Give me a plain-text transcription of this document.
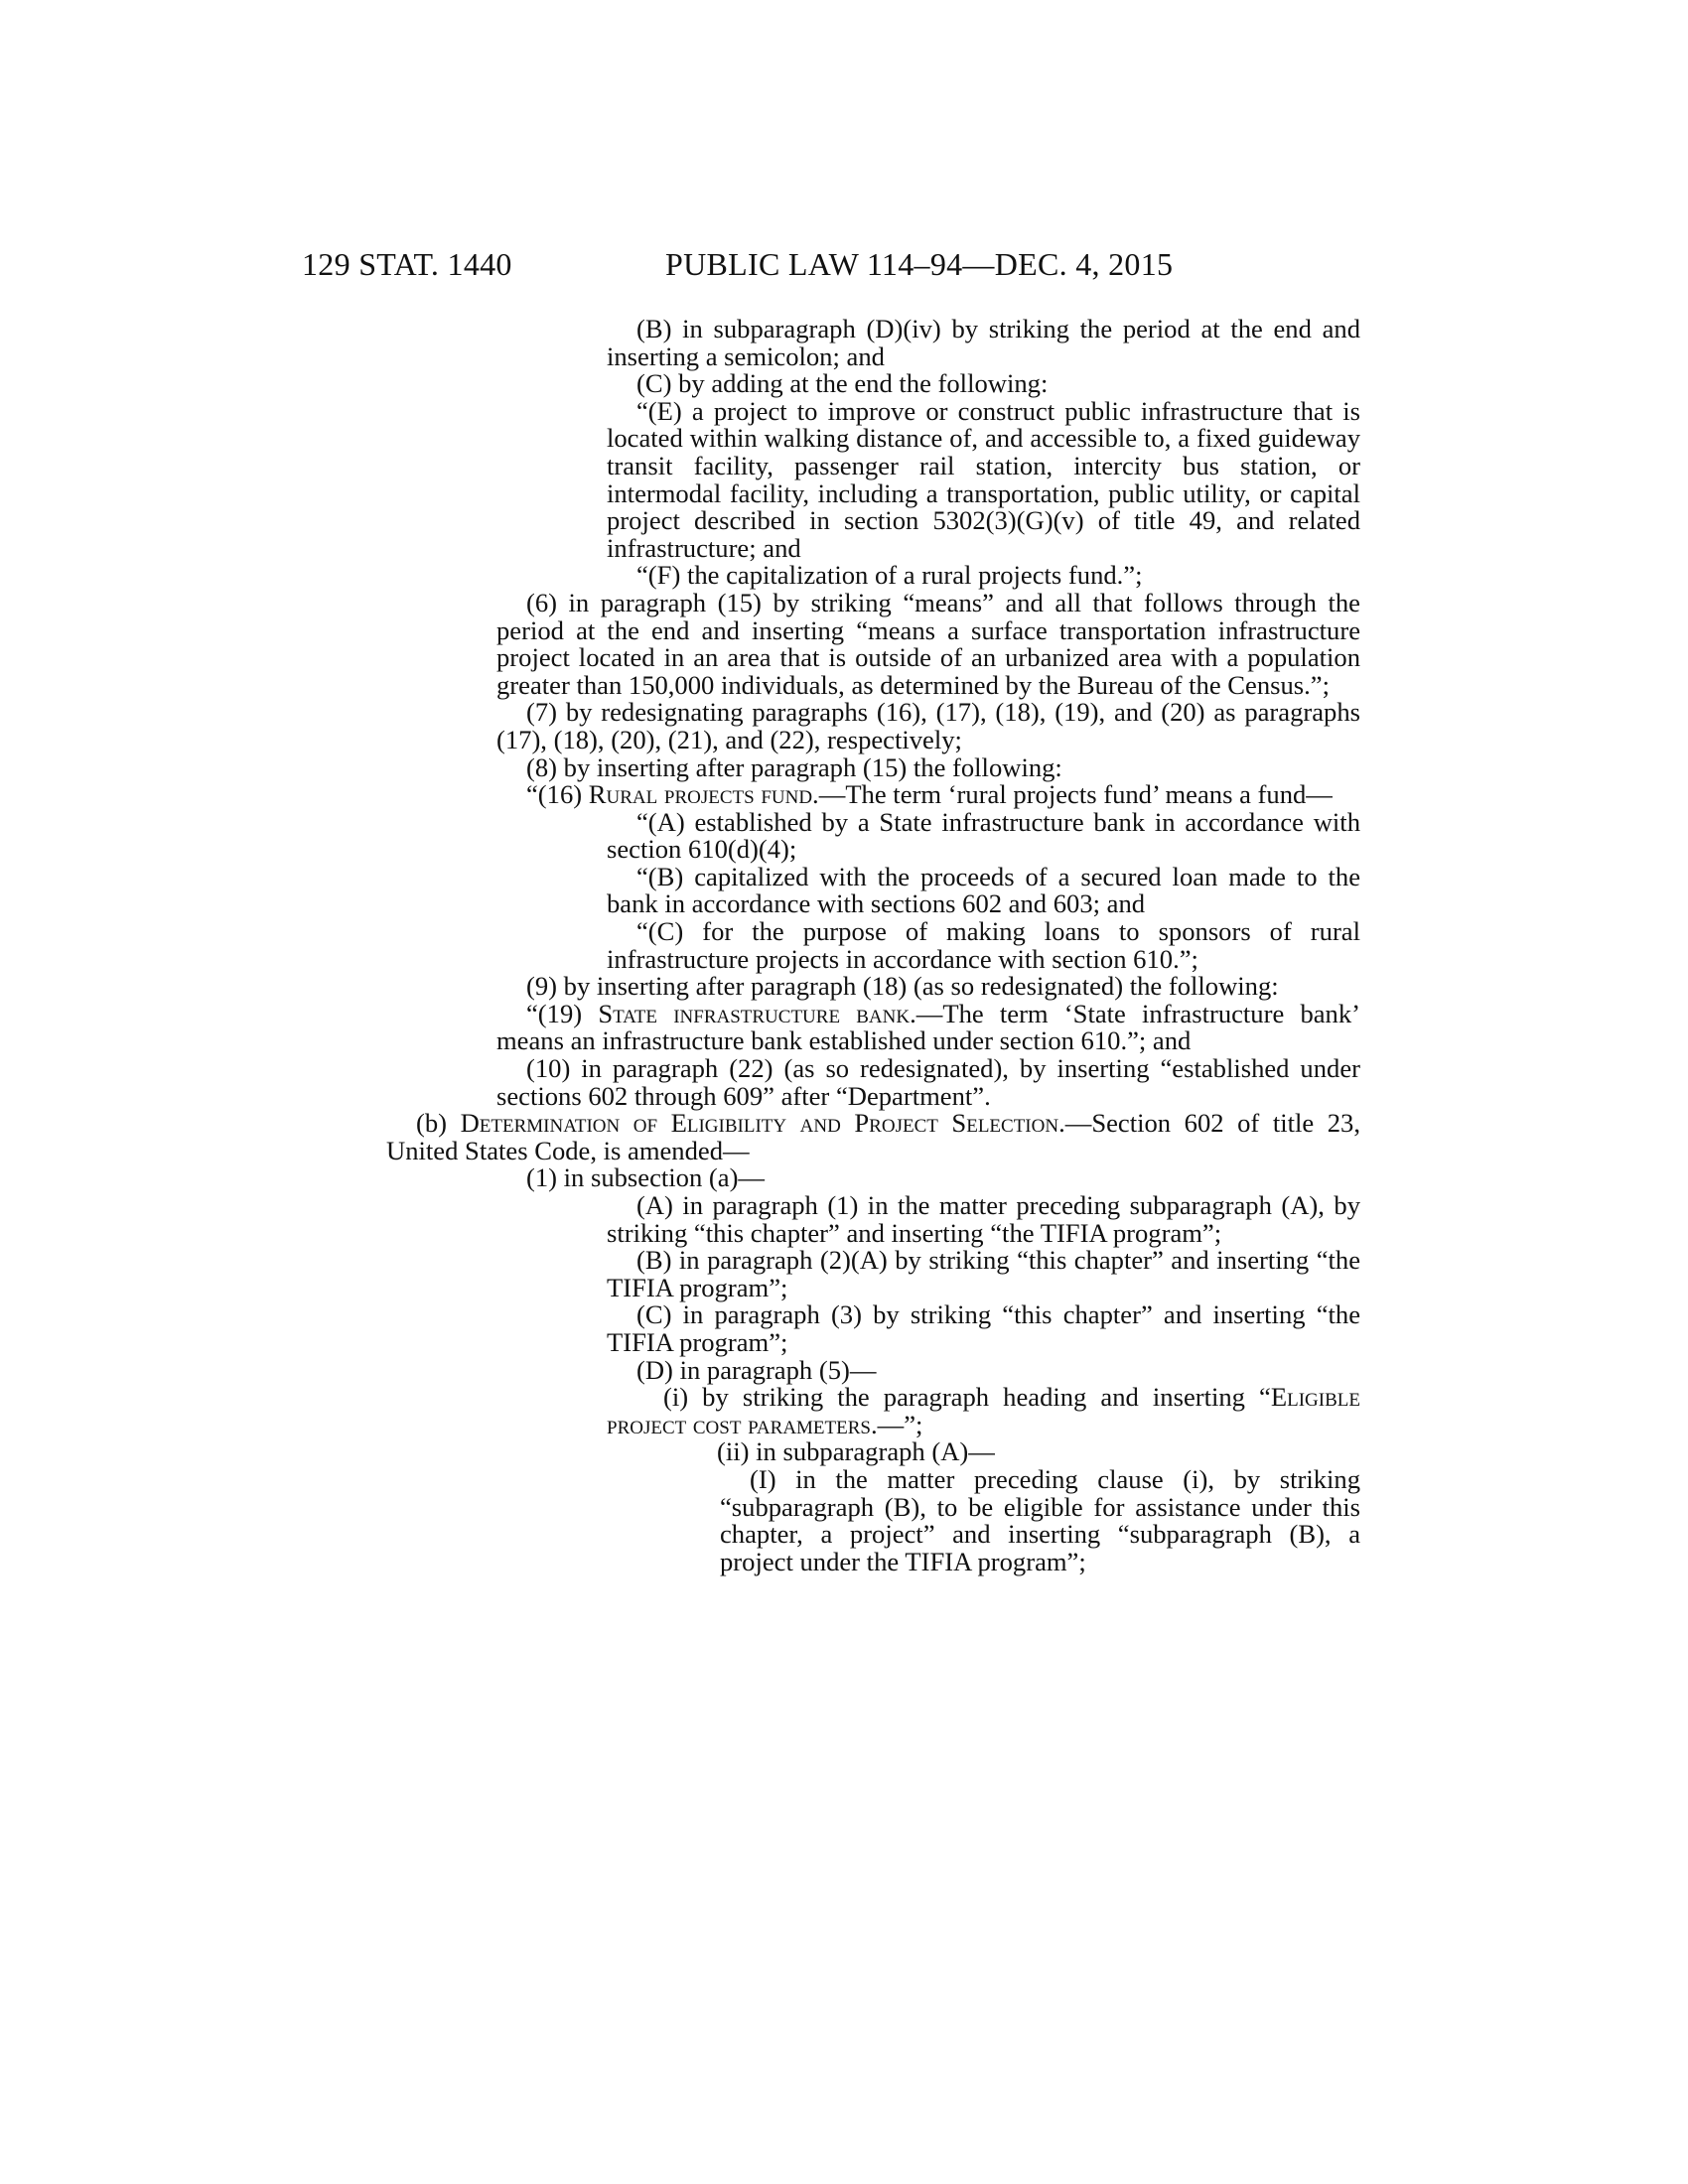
129 STAT. 1440	PUBLIC LAW 114–94—DEC. 4, 2015

(B) in subparagraph (D)(iv) by striking the period at the end and inserting a semicolon; and

(C) by adding at the end the following:

“(E) a project to improve or construct public infrastructure that is located within walking distance of, and accessible to, a fixed guideway transit facility, passenger rail station, intercity bus station, or intermodal facility, including a transportation, public utility, or capital project described in section 5302(3)(G)(v) of title 49, and related infrastructure; and

“(F) the capitalization of a rural projects fund.”;

(6) in paragraph (15) by striking “means” and all that follows through the period at the end and inserting “means a surface transportation infrastructure project located in an area that is outside of an urbanized area with a population greater than 150,000 individuals, as determined by the Bureau of the Census.”;

(7) by redesignating paragraphs (16), (17), (18), (19), and (20) as paragraphs (17), (18), (20), (21), and (22), respectively;

(8) by inserting after paragraph (15) the following:

“(16) Rural projects fund.—The term ‘rural projects fund’ means a fund—

“(A) established by a State infrastructure bank in accordance with section 610(d)(4);

“(B) capitalized with the proceeds of a secured loan made to the bank in accordance with sections 602 and 603; and

“(C) for the purpose of making loans to sponsors of rural infrastructure projects in accordance with section 610.”;

(9) by inserting after paragraph (18) (as so redesignated) the following:

“(19) State infrastructure bank.—The term ‘State infrastructure bank’ means an infrastructure bank established under section 610.”; and

(10) in paragraph (22) (as so redesignated), by inserting “established under sections 602 through 609” after “Department”.

(b) Determination of Eligibility and Project Selection.—Section 602 of title 23, United States Code, is amended—

(1) in subsection (a)—

(A) in paragraph (1) in the matter preceding subparagraph (A), by striking “this chapter” and inserting “the TIFIA program”;

(B) in paragraph (2)(A) by striking “this chapter” and inserting “the TIFIA program”;

(C) in paragraph (3) by striking “this chapter” and inserting “the TIFIA program”;

(D) in paragraph (5)—

(i) by striking the paragraph heading and inserting “Eligible project cost parameters.—”;

(ii) in subparagraph (A)—

(I) in the matter preceding clause (i), by striking “subparagraph (B), to be eligible for assistance under this chapter, a project” and inserting “subparagraph (B), a project under the TIFIA program”;
